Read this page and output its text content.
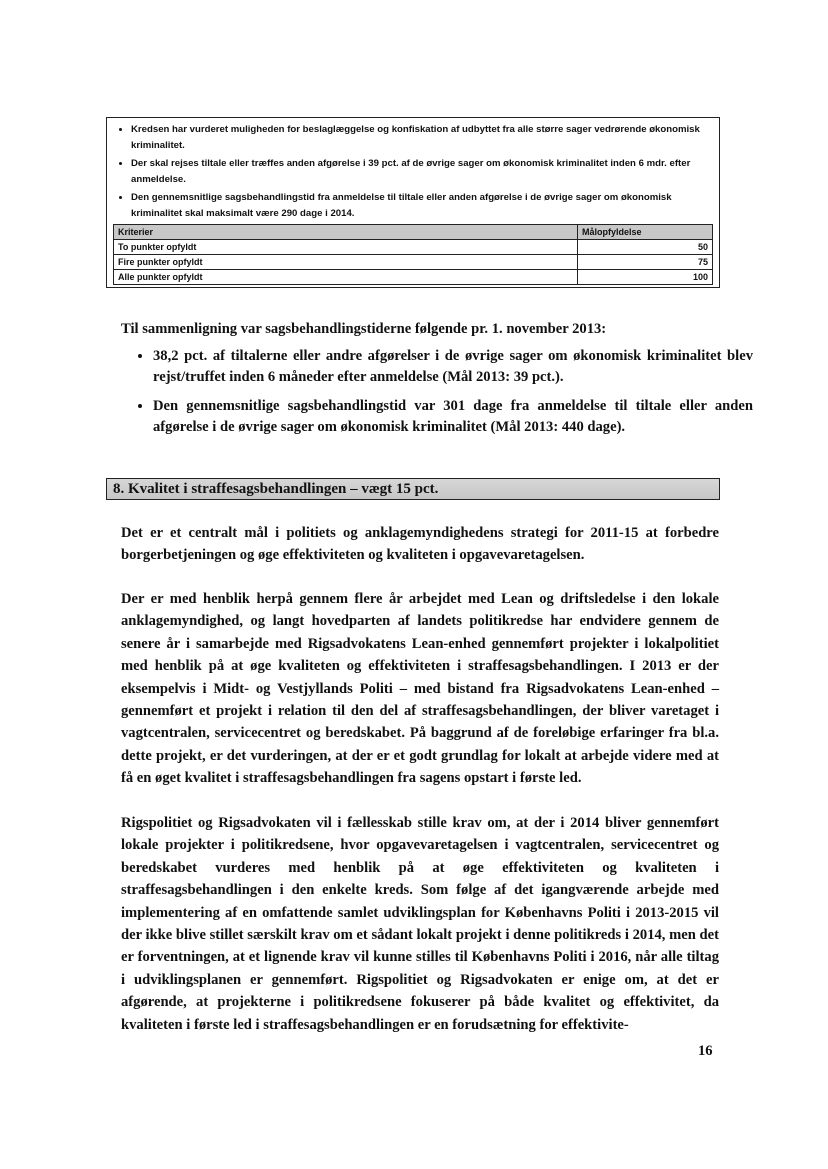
• Kredsen har vurderet muligheden for beslaglæggelse og konfiskation af udbyttet fra alle større sager vedrørende økonomisk kriminalitet.
• Der skal rejses tiltale eller træffes anden afgørelse i 39 pct. af de øvrige sager om økonomisk kriminalitet inden 6 mdr. efter anmeldelse.
• Den gennemsnitlige sagsbehandlingstid fra anmeldelse til tiltale eller anden afgørelse i de øvrige sager om økonomisk kriminalitet skal maksimalt være 290 dage i 2014.
Kriterier	Målopfyldelse
To punkter opfyldt	50
Fire punkter opfyldt	75
Alle punkter opfyldt	100

Til sammenligning var sagsbehandlingstiderne følgende pr. 1. november 2013:

• 38,2 pct. af tiltalerne eller andre afgørelser i de øvrige sager om økonomisk kriminalitet blev rejst/truffet inden 6 måneder efter anmeldelse (Mål 2013: 39 pct.).
• Den gennemsnitlige sagsbehandlingstid var 301 dage fra anmeldelse til tiltale eller anden afgørelse i de øvrige sager om økonomisk kriminalitet (Mål 2013: 440 dage).
8. Kvalitet i straffesagsbehandlingen – vægt 15 pct.

Det er et centralt mål i politiets og anklagemyndighedens strategi for 2011-15 at forbedre borgerbetjeningen og øge effektiviteten og kvaliteten i opgavevaretagelsen.

Der er med henblik herpå gennem flere år arbejdet med Lean og driftsledelse i den lokale anklagemyndighed, og langt hovedparten af landets politikredse har endvidere gennem de senere år i samarbejde med Rigsadvokatens Lean-enhed gennemført projekter i lokalpolitiet med henblik på at øge kvaliteten og effektiviteten i straffesagsbehandlingen. I 2013 er der eksempelvis i Midt- og Vestjyllands Politi – med bistand fra Rigsadvokatens Lean-enhed – gennemført et projekt i relation til den del af straffesagsbehandlingen, der bliver varetaget i vagtcentralen, servicecentret og beredskabet. På baggrund af de foreløbige erfaringer fra bl.a. dette projekt, er det vurderingen, at der er et godt grundlag for lokalt at arbejde videre med at få en øget kvalitet i straffesagsbehandlingen fra sagens opstart i første led.

Rigspolitiet og Rigsadvokaten vil i fællesskab stille krav om, at der i 2014 bliver gennemført lokale projekter i politikredsene, hvor opgavevaretagelsen i vagtcentralen, servicecentret og beredskabet vurderes med henblik på at øge effektiviteten og kvaliteten i straffesagsbehandlingen i den enkelte kreds. Som følge af det igangværende arbejde med implementering af en omfattende samlet udviklingsplan for Københavns Politi i 2013-2015 vil der ikke blive stillet særskilt krav om et sådant lokalt projekt i denne politikreds i 2014, men det er forventningen, at et lignende krav vil kunne stilles til Københavns Politi i 2016, når alle tiltag i udviklingsplanen er gennemført. Rigspolitiet og Rigsadvokaten er enige om, at det er afgørende, at projekterne i politikredsene fokuserer på både kvalitet og effektivitet, da kvaliteten i første led i straffesagsbehandlingen er en forudsætning for effektivite-

16
